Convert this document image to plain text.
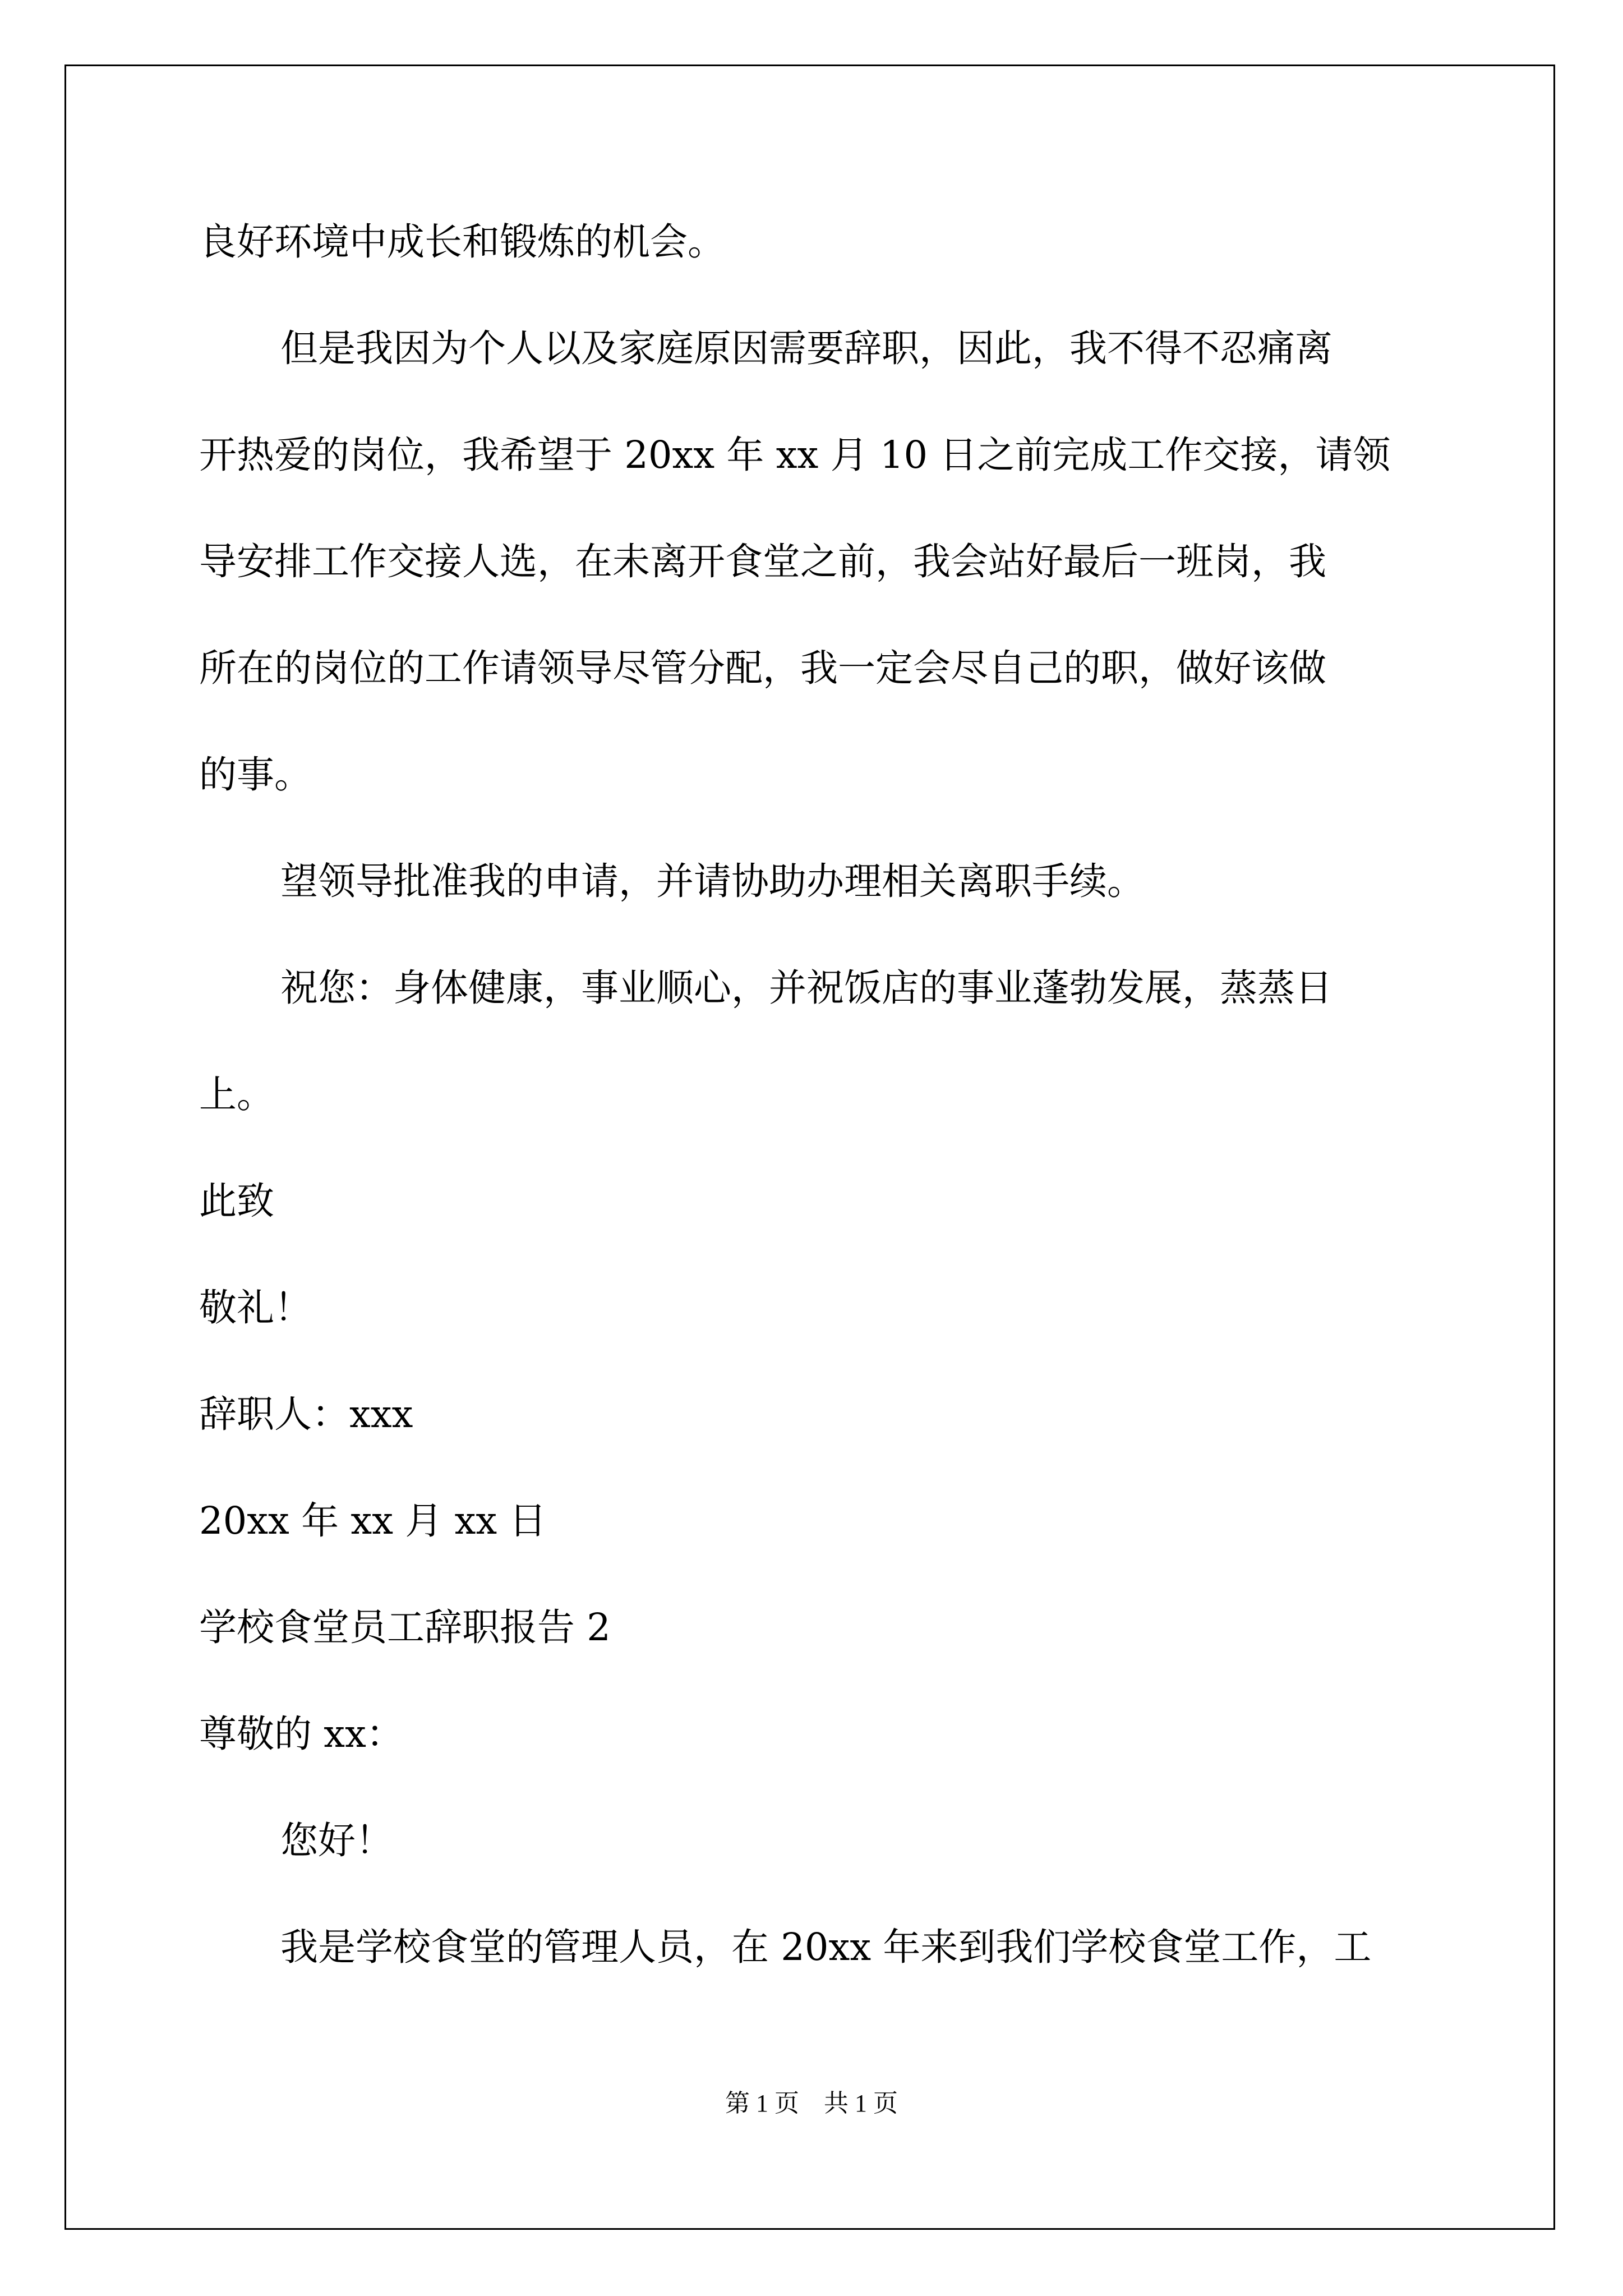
良好环境中成长和锻炼的机会。
但是我因为个人以及家庭原因需要辞职，因此，我不得不忍痛离
开热爱的岗位，我希望于 20xx 年 xx 月 10 日之前完成工作交接，请领
导安排工作交接人选，在未离开食堂之前，我会站好最后一班岗，我
所在的岗位的工作请领导尽管分配，我一定会尽自己的职，做好该做
的事。
望领导批准我的申请，并请协助办理相关离职手续。
祝您：身体健康，事业顺心，并祝饭店的事业蓬勃发展，蒸蒸日
上。
此致
敬礼！
辞职人：xxx
20xx 年 xx 月 xx 日
学校食堂员工辞职报告 2
尊敬的 xx：
您好！
我是学校食堂的管理人员，在 20xx 年来到我们学校食堂工作，工
第 1 页　共 1 页
